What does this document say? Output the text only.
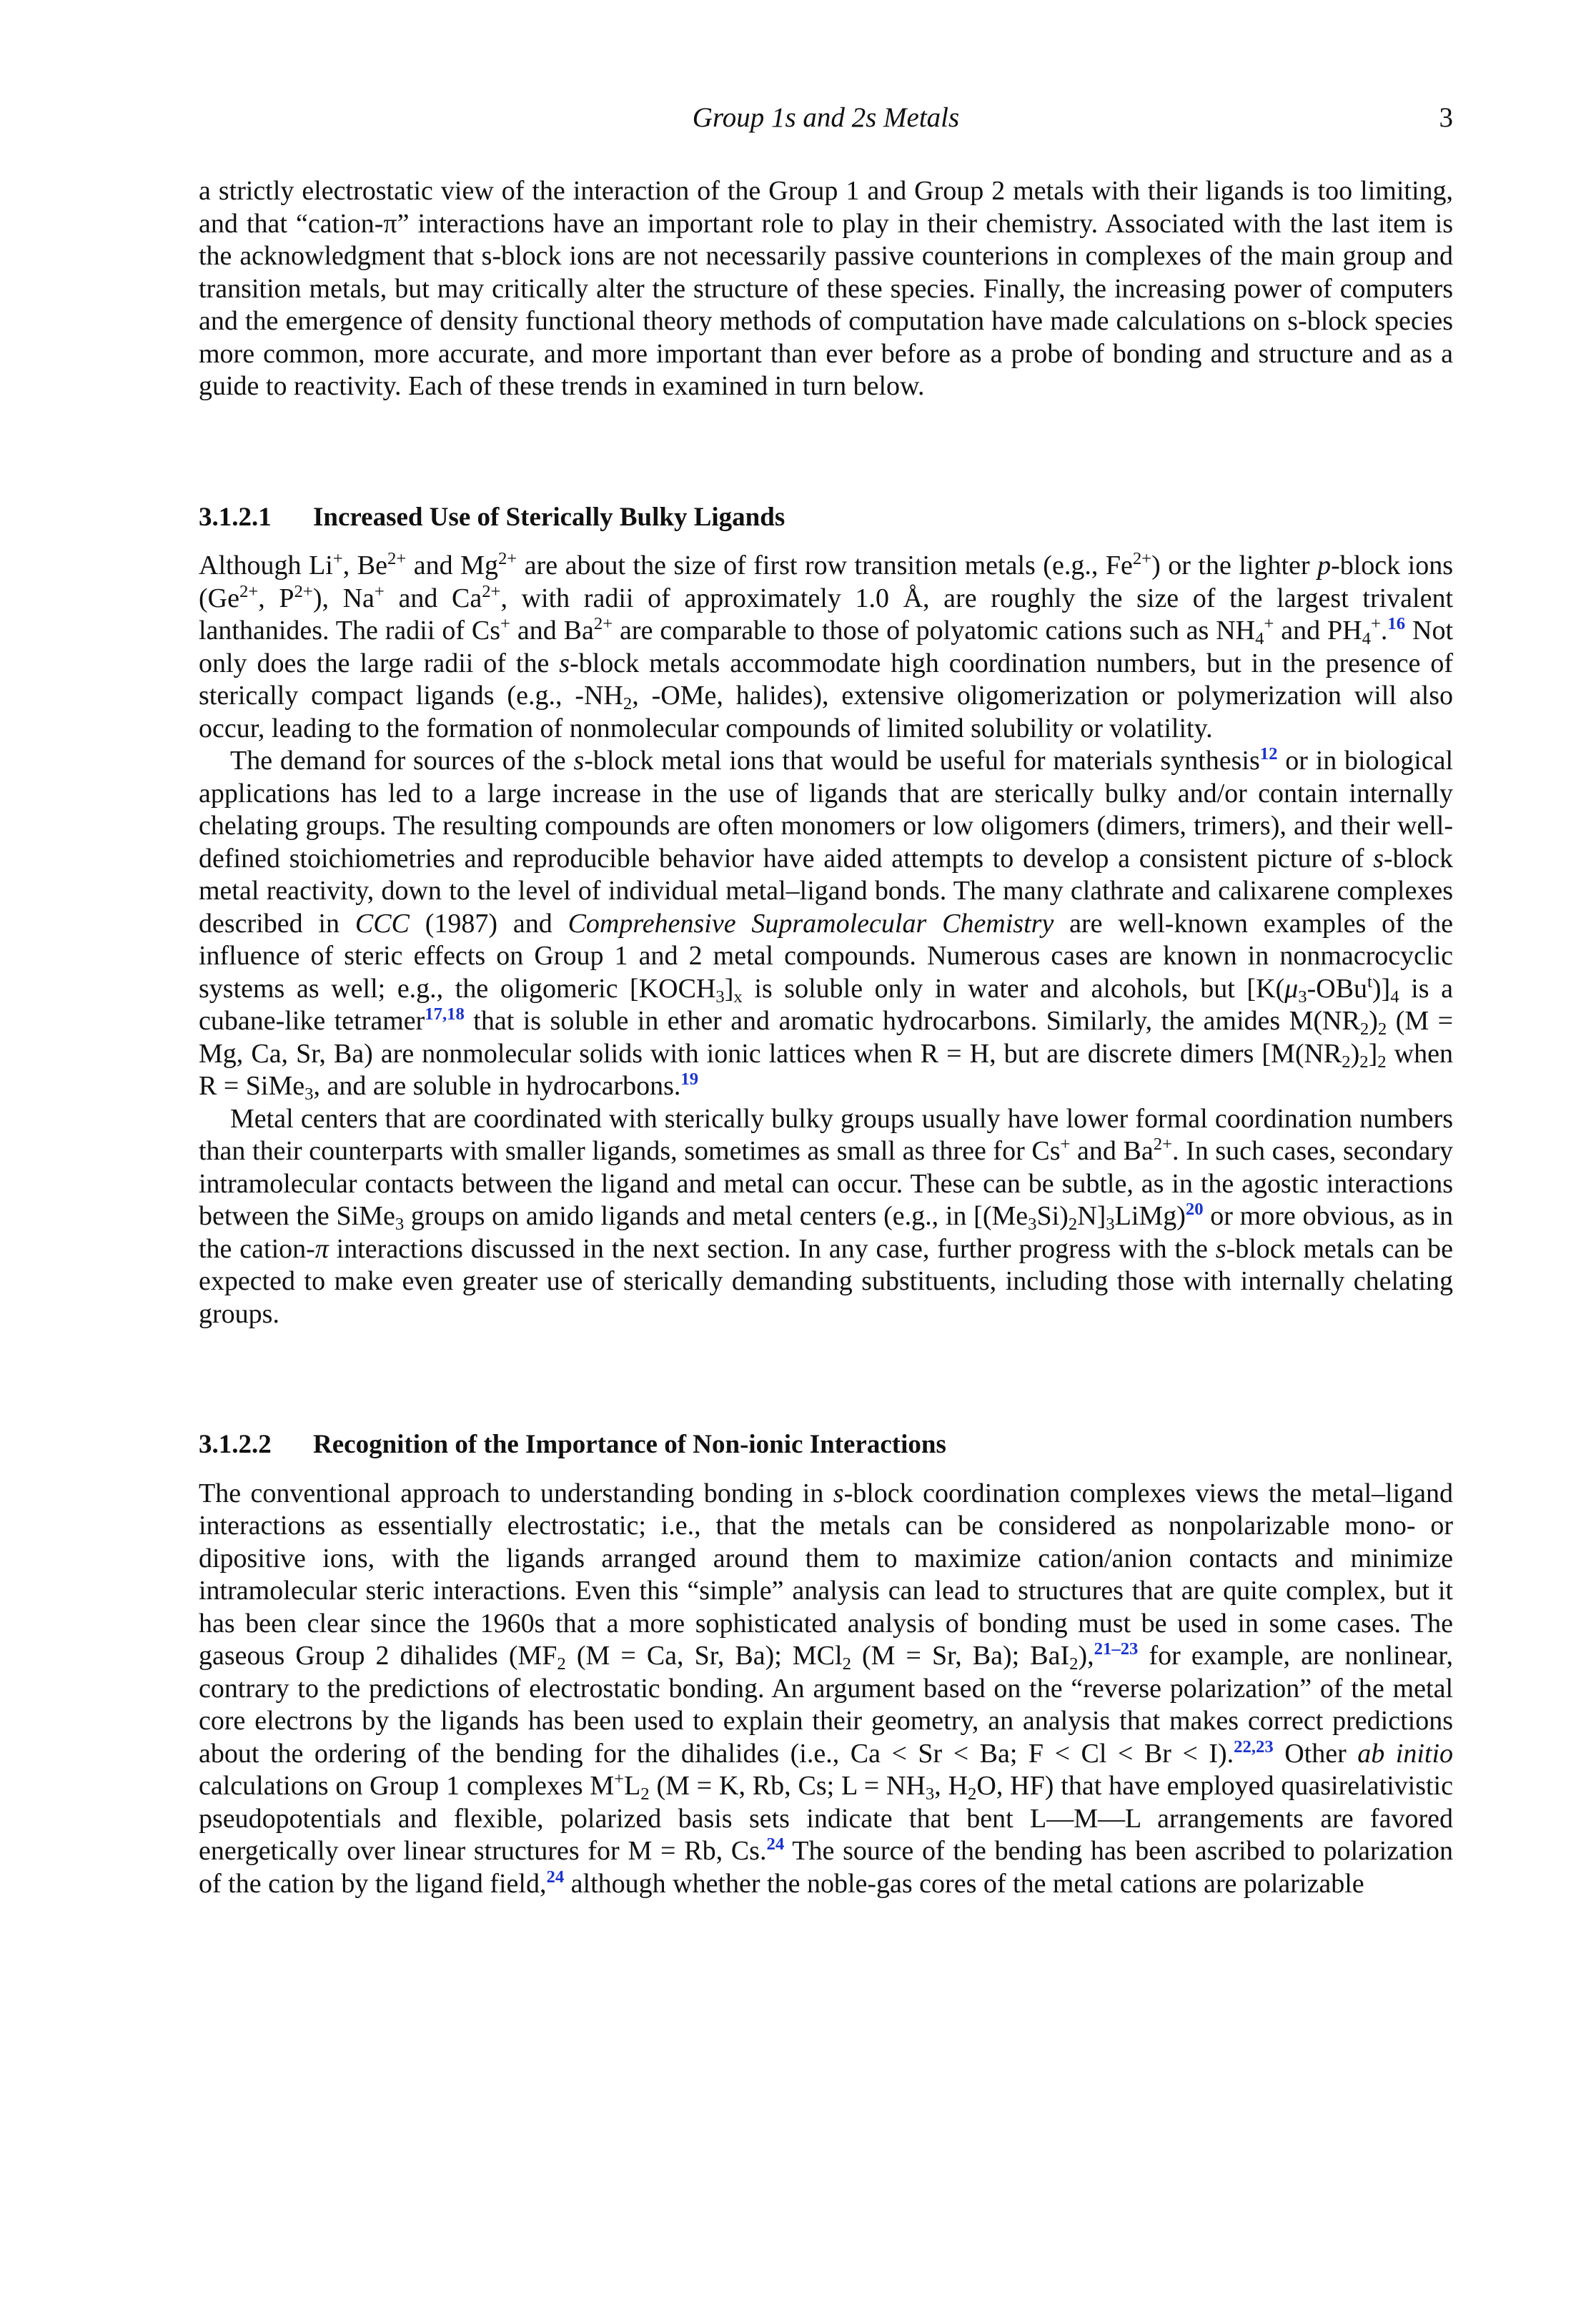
Group 1s and 2s Metals	3

a strictly electrostatic view of the interaction of the Group 1 and Group 2 metals with their ligands is too limiting, and that “cation-π” interactions have an important role to play in their chemistry. Associated with the last item is the acknowledgment that s-block ions are not necessarily passive counterions in complexes of the main group and transition metals, but may critically alter the structure of these species. Finally, the increasing power of computers and the emergence of density functional theory methods of computation have made calculations on s-block species more common, more accurate, and more important than ever before as a probe of bonding and structure and as a guide to reactivity. Each of these trends in examined in turn below.

3.1.2.1 Increased Use of Sterically Bulky Ligands

Although Li+, $Be^{2+}$ and $Mg^{2+}$ are about the size of first row transition metals (e.g., $Fe^{2+}$) or the lighter p-block ions ($Ge^{2+}$, $P^{2+}$), Na+ and $Ca^{2+}$, with radii of approximately 1.0 Å, are roughly the size of the largest trivalent lanthanides. The radii of Cs+ and $Ba^{2+}$ are comparable to those of polyatomic cations such as $NH_4^+$ and $PH_4^+.^{16}$ Not only does the large radii of the s-block metals accommodate high coordination numbers, but in the presence of sterically compact ligands (e.g., $-NH_2$, -OMe, halides), extensive oligomerization or polymerization will also occur, leading to the formation of nonmolecular compounds of limited solubility or volatility.

The demand for sources of the s-block metal ions that would be useful for materials synthesis$^{12}$ or in biological applications has led to a large increase in the use of ligands that are sterically bulky and/or contain internally chelating groups. The resulting compounds are often monomers or low oligomers (dimers, trimers), and their well-defined stoichiometries and reproducible behavior have aided attempts to develop a consistent picture of s-block metal reactivity, down to the level of individual metal–ligand bonds. The many clathrate and calixarene complexes described in CCC (1987) and Comprehensive Supramolecular Chemistry are well-known examples of the influence of steric effects on Group 1 and 2 metal compounds. Numerous cases are known in nonmacrocyclic systems as well; e.g., the oligomeric $[KOCH_3]_x$ is soluble only in water and alcohols, but $[K(\mu_3-OBu^t)]_4$ is a cubane-like tetramer$^{17,18}$ that is soluble in ether and aromatic hydrocarbons. Similarly, the amides $M(NR_2)_2$ (M = Mg, Ca, Sr, Ba) are nonmolecular solids with ionic lattices when R = H, but are discrete dimers $[M(NR_2)_2]_2$ when R = SiMe$_3$, and are soluble in hydrocarbons.$^{19}$

Metal centers that are coordinated with sterically bulky groups usually have lower formal coordination numbers than their counterparts with smaller ligands, sometimes as small as three for Cs+ and $Ba^{2+}$. In such cases, secondary intramolecular contacts between the ligand and metal can occur. These can be subtle, as in the agostic interactions between the SiMe$_3$ groups on amido ligands and metal centers (e.g., in $[(Me_3Si)_2N]_3LiMg)^{20}$ or more obvious, as in the cation-π interactions discussed in the next section. In any case, further progress with the s-block metals can be expected to make even greater use of sterically demanding substituents, including those with internally chelating groups.

3.1.2.2 Recognition of the Importance of Non-ionic Interactions

The conventional approach to understanding bonding in s-block coordination complexes views the metal–ligand interactions as essentially electrostatic; i.e., that the metals can be considered as nonpolarizable mono- or dipositive ions, with the ligands arranged around them to maximize cation/anion contacts and minimize intramolecular steric interactions. Even this “simple” analysis can lead to structures that are quite complex, but it has been clear since the 1960s that a more sophisticated analysis of bonding must be used in some cases. The gaseous Group 2 dihalides ($MF_2$ (M = Ca, Sr, Ba); MCl$_2$ (M = Sr, Ba); BaI$_2$),$^{21-23}$ for example, are nonlinear, contrary to the predictions of electrostatic bonding. An argument based on the “reverse polarization” of the metal core electrons by the ligands has been used to explain their geometry, an analysis that makes correct predictions about the ordering of the bending for the dihalides (i.e., Ca < Sr < Ba; F < Cl < Br < I).$^{22,23}$ Other ab initio calculations on Group 1 complexes $M^+L_2$ (M = K, Rb, Cs; $L = NH_3$, $H_2O$, HF) that have employed quasirelativistic pseudopotentials and flexible, polarized basis sets indicate that bent L—M—L arrangements are favored energetically over linear structures for M = Rb, Cs.$^{24}$ The source of the bending has been ascribed to polarization of the cation by the ligand field,$^{24}$ although whether the noble-gas cores of the metal cations are polarizable
